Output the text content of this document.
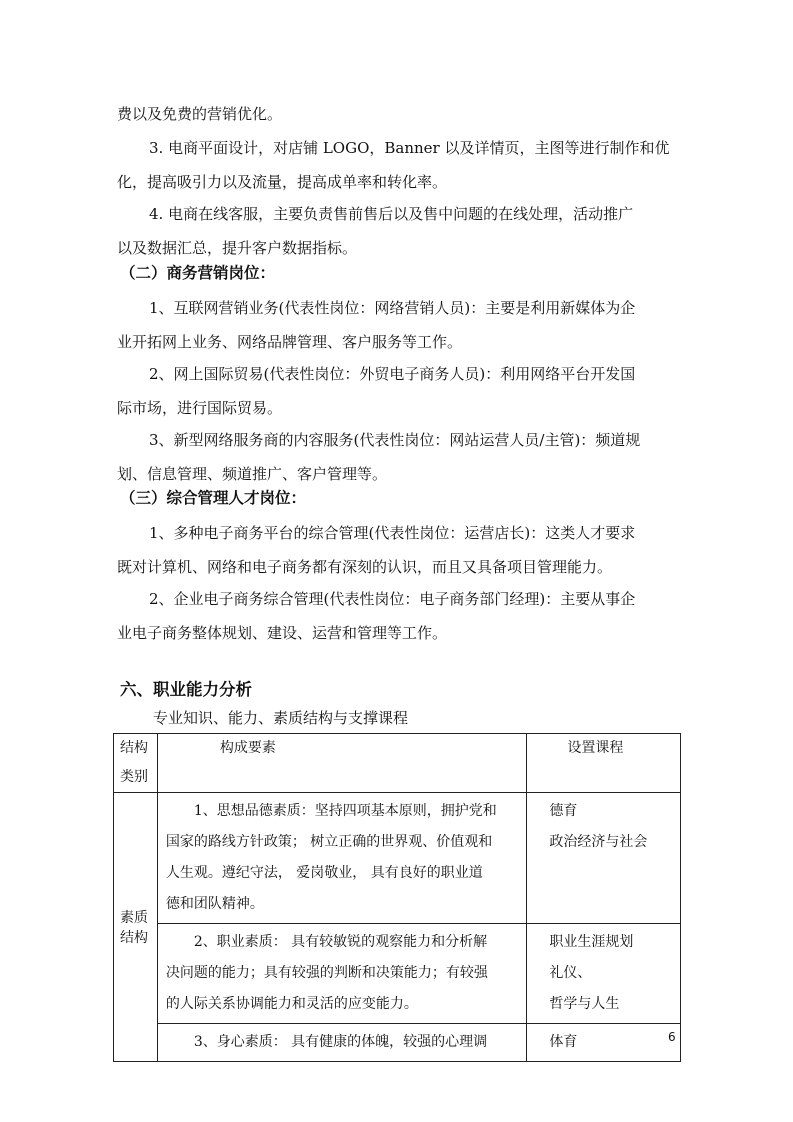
费以及免费的营销优化。

3. 电商平面设计，对店铺 LOGO，Banner 以及详情页，主图等进行制作和优
化，提高吸引力以及流量，提高成单率和转化率。

4. 电商在线客服，主要负责售前售后以及售中问题的在线处理，活动推广
以及数据汇总，提升客户数据指标。

（二）商务营销岗位：

1、互联网营销业务(代表性岗位：网络营销人员)：主要是利用新媒体为企
业开拓网上业务、网络品牌管理、客户服务等工作。

2、网上国际贸易(代表性岗位：外贸电子商务人员)：利用网络平台开发国
际市场，进行国际贸易。

3、新型网络服务商的内容服务(代表性岗位：网站运营人员/主管)：频道规
划、信息管理、频道推广、客户管理等。

（三）综合管理人才岗位：

1、多种电子商务平台的综合管理(代表性岗位：运营店长)：这类人才要求
既对计算机、网络和电子商务都有深刻的认识，而且又具备项目管理能力。

2、企业电子商务综合管理(代表性岗位：电子商务部门经理)：主要从事企
业电子商务整体规划、建设、运营和管理等工作。

六、职业能力分析

专业知识、能力、素质结构与支撑课程

结构类别	构成要素	设置课程
素质结构	1、思想品德素质：坚持四项基本原则，拥护党和
国家的路线方针政策； 树立正确的世界观、价值观和
人生观。遵纪守法， 爱岗敬业， 具有良好的职业道
德和团队精神。	德育
政治经济与社会

	2、职业素质： 具有较敏锐的观察能力和分析解
决问题的能力；具有较强的判断和决策能力；有较强
的人际关系协调能力和灵活的应变能力。	职业生涯规划
礼仪、
哲学与人生

	3、身心素质： 具有健康的体魄，较强的心理调	体育	6
